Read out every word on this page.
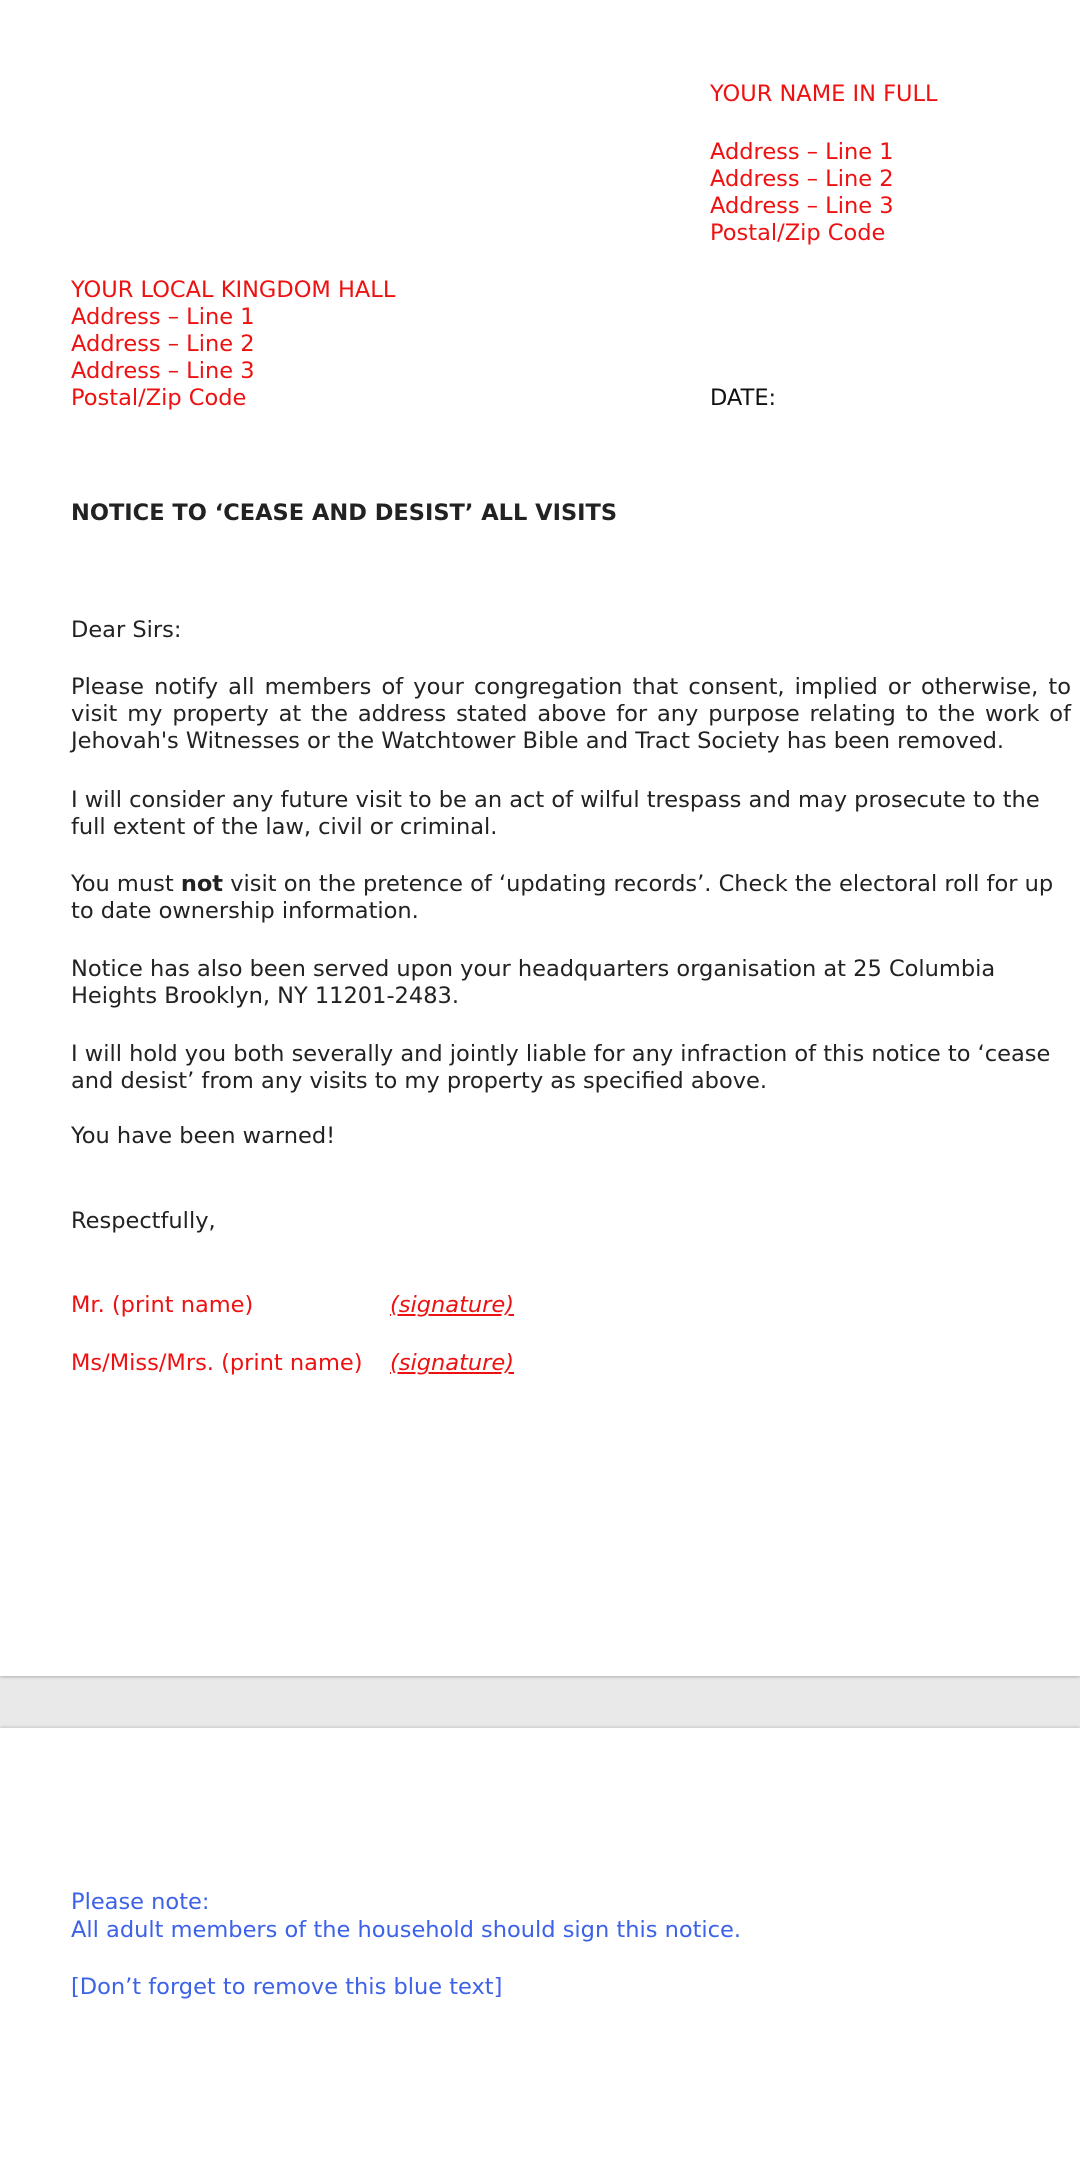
YOUR NAME IN FULL
Address – Line 1
Address – Line 2
Address – Line 3
Postal/Zip Code
YOUR LOCAL KINGDOM HALL
Address – Line 1
Address – Line 2
Address – Line 3
Postal/Zip Code	DATE:
NOTICE TO ‘CEASE AND DESIST’ ALL VISITS
Dear Sirs:

Please notify all members of your congregation that consent, implied or otherwise, to visit my property at the address stated above for any purpose relating to the work of Jehovah's Witnesses or the Watchtower Bible and Tract Society has been removed.

I will consider any future visit to be an act of wilful trespass and may prosecute to the full extent of the law, civil or criminal.

You must not visit on the pretence of ‘updating records’. Check the electoral roll for up to date ownership information.

Notice has also been served upon your headquarters organisation at 25 Columbia Heights Brooklyn, NY 11201-2483.

I will hold you both severally and jointly liable for any infraction of this notice to ‘cease and desist’ from any visits to my property as specified above.

You have been warned!
Respectfully,
Mr. (print name)	(signature)
Ms/Miss/Mrs. (print name) (signature)
Please note:
All adult members of the household should sign this notice.
[Don’t forget to remove this blue text]
